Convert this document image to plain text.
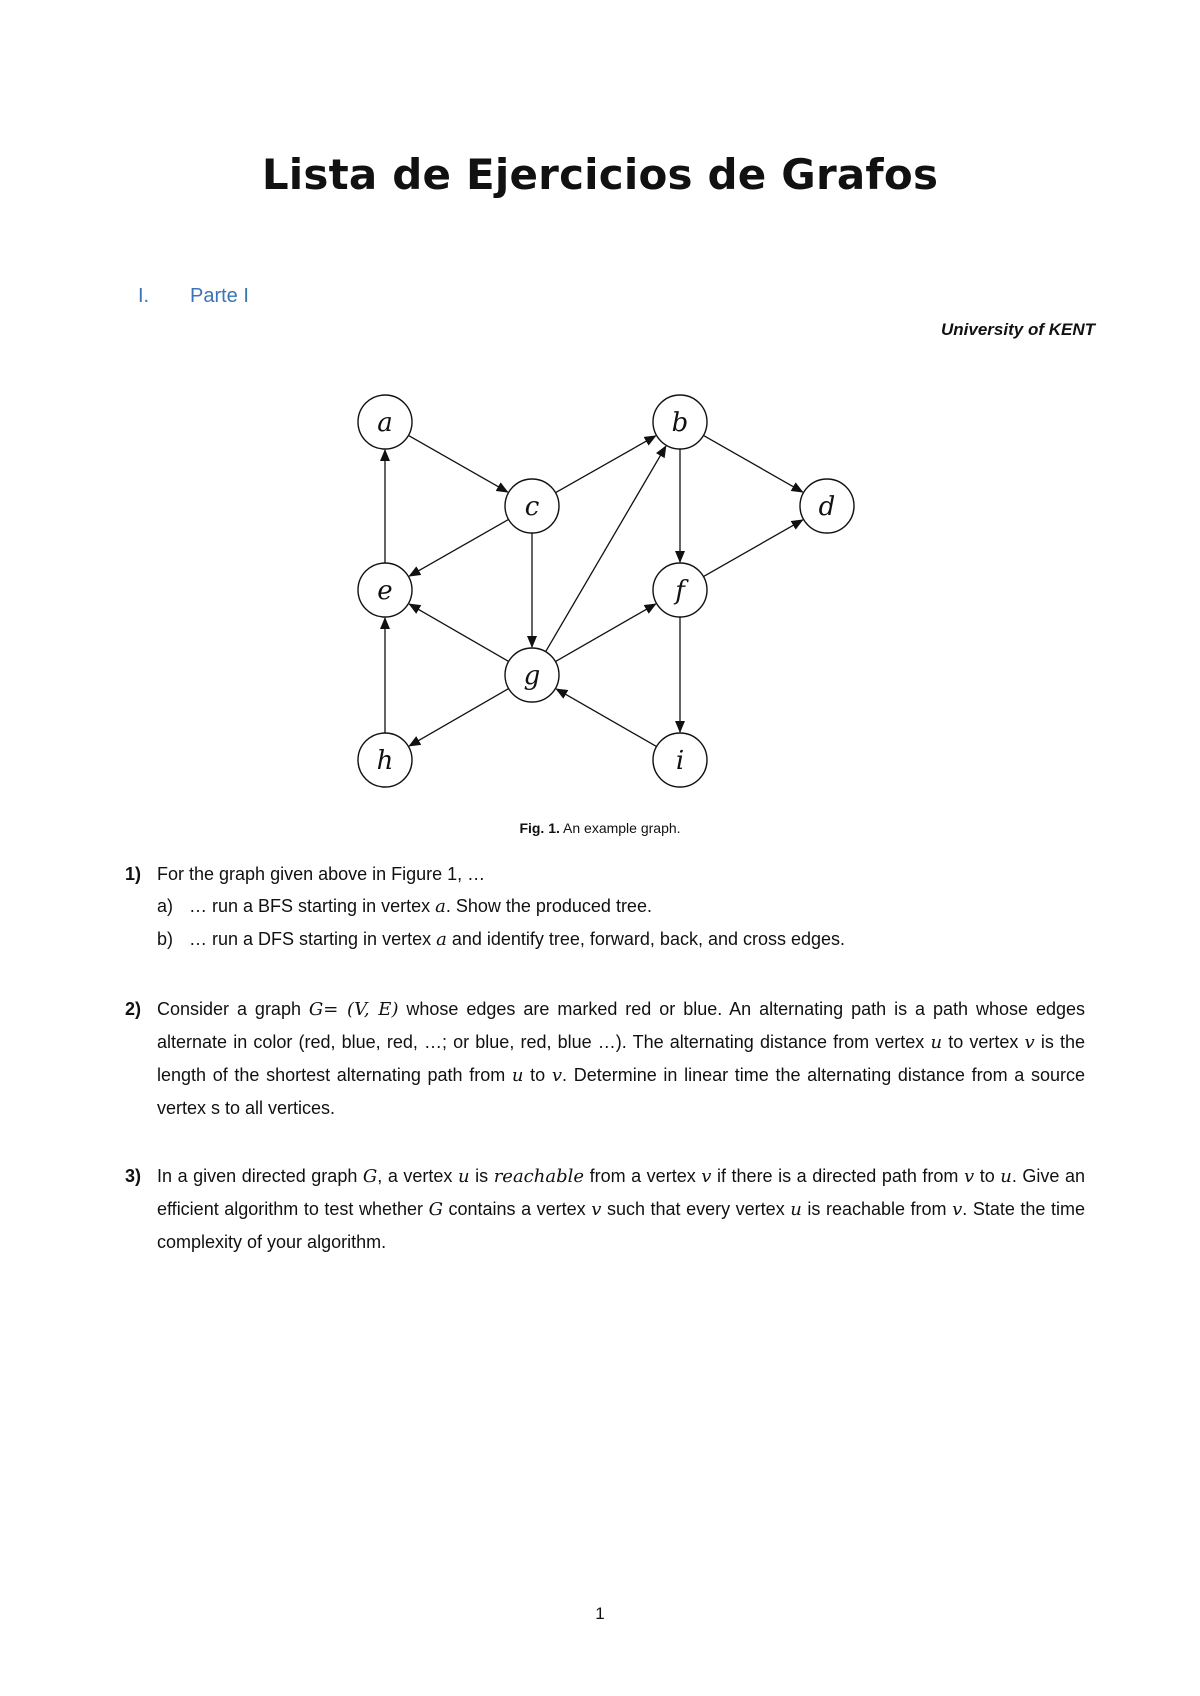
Lista de Ejercicios de Grafos
I. Parte I
University of KENT
a	b
c	d
e	f
g
h	i
Fig. 1. An example graph.
1) For the graph given above in Figure 1, …
a) … run a BFS starting in vertex a. Show the produced tree.
b) … run a DFS starting in vertex a and identify tree, forward, back, and cross edges.
2) Consider a graph G= (V, E) whose edges are marked red or blue. An alternating path is a path whose edges alternate in color (red, blue, red, …; or blue, red, blue …). The alternating distance from vertex u to vertex v is the length of the shortest alternating path from u to v. Determine in linear time the alternating distance from a source vertex s to all vertices.
3) In a given directed graph G, a vertex u is reachable from a vertex v if there is a directed path from v to u. Give an efficient algorithm to test whether G contains a vertex v such that every vertex u is reachable from v. State the time complexity of your algorithm.
1
